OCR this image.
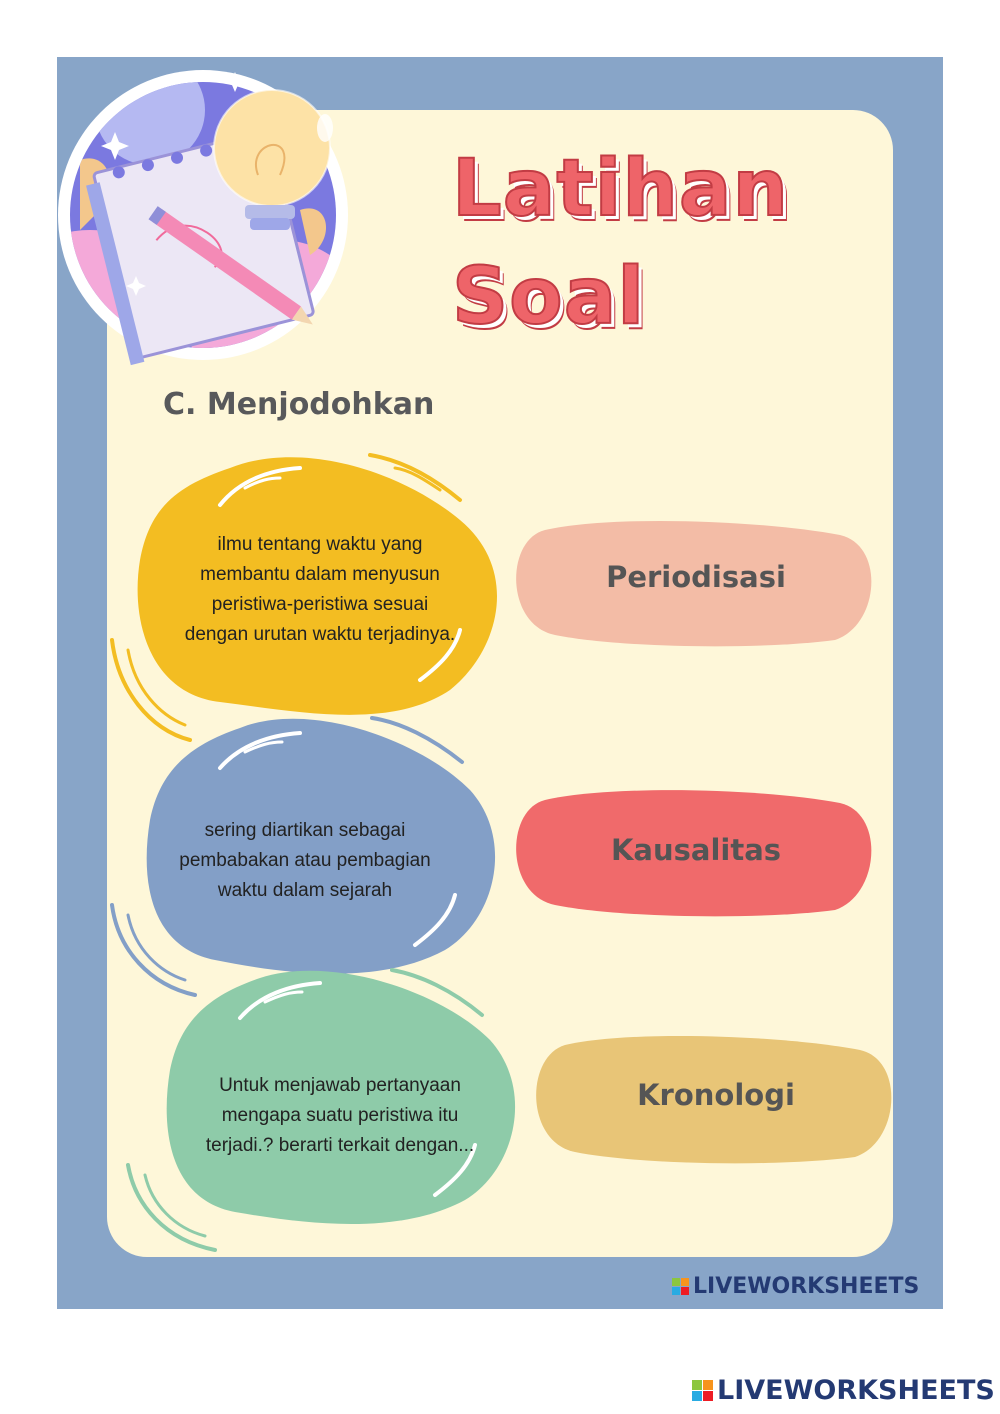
Latihan
Soal
C. Menjodohkan
ilmu tentang waktu yang
membantu dalam menyusun
peristiwa-peristiwa sesuai
dengan urutan waktu terjadinya.
sering diartikan sebagai
pembabakan atau pembagian
waktu dalam sejarah
Untuk menjawab pertanyaan
mengapa suatu peristiwa itu
terjadi.? berarti terkait dengan...
Periodisasi
Kausalitas
Kronologi
LIVEWORKSHEETS
LIVEWORKSHEETS
